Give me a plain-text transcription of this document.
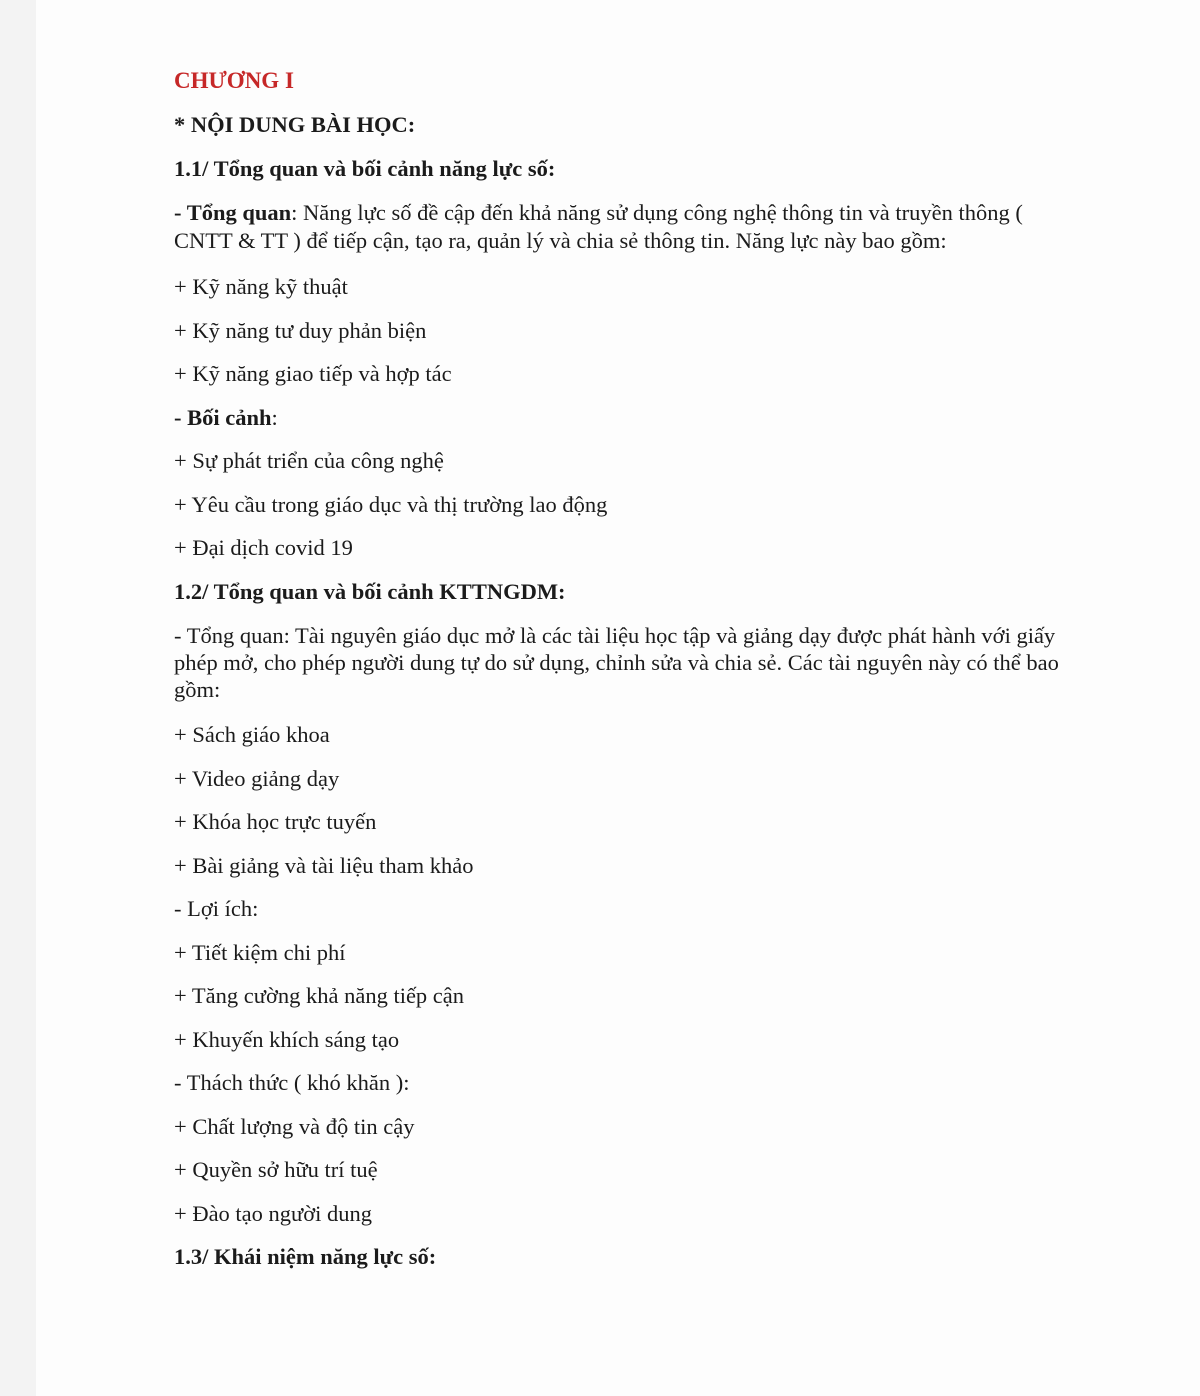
CHƯƠNG I
* NỘI DUNG BÀI HỌC:
1.1/ Tổng quan và bối cảnh năng lực số:
- Tổng quan: Năng lực số đề cập đến khả năng sử dụng công nghệ thông tin và truyền thông ( CNTT & TT ) để tiếp cận, tạo ra, quản lý và chia sẻ thông tin. Năng lực này bao gồm:
+ Kỹ năng kỹ thuật
+ Kỹ năng tư duy phản biện
+ Kỹ năng giao tiếp và hợp tác
- Bối cảnh:
+ Sự phát triển của công nghệ
+ Yêu cầu trong giáo dục và thị trường lao động
+ Đại dịch covid 19
1.2/ Tổng quan và bối cảnh KTTNGDM:
- Tổng quan: Tài nguyên giáo dục mở là các tài liệu học tập và giảng dạy được phát hành với giấy phép mở, cho phép người dung tự do sử dụng, chỉnh sửa và chia sẻ. Các tài nguyên này có thể bao gồm:
+ Sách giáo khoa
+ Video giảng dạy
+ Khóa học trực tuyến
+ Bài giảng và tài liệu tham khảo
- Lợi ích:
+ Tiết kiệm chi phí
+ Tăng cường khả năng tiếp cận
+ Khuyến khích sáng tạo
- Thách thức ( khó khăn ):
+ Chất lượng và độ tin cậy
+ Quyền sở hữu trí tuệ
+ Đào tạo người dung
1.3/ Khái niệm năng lực số:
